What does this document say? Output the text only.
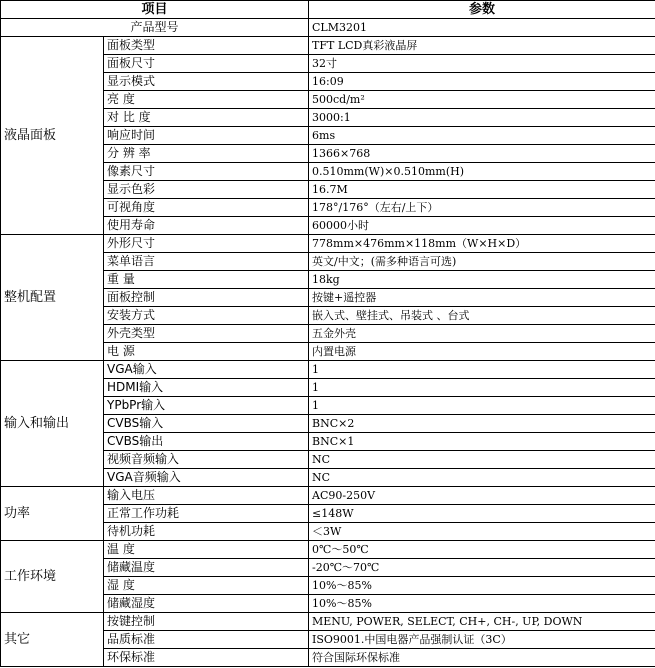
项目		参数
产品型号		CLM3201
液晶面板	面板类型	TFT LCD真彩液晶屏
	面板尺寸	32寸
	显示模式	16:09
	亮 度	500cd/m²
	对 比 度	3000:1
	响应时间	6ms
	分 辨 率	1366×768
	像素尺寸	0.510mm(W)×0.510mm(H)
	显示色彩	16.7M
	可视角度	178°/176°（左右/上下）
	使用寿命	60000小时
整机配置	外形尺寸	778mm×476mm×118mm（W×H×D）
	菜单语言	英文/中文；(需多种语言可选)
	重 量	18kg
	面板控制	按键+遥控器
	安装方式	嵌入式、壁挂式、吊装式 、台式
	外壳类型	五金外壳
	电 源	内置电源
输入和输出	VGA输入	1
	HDMI输入	1
	YPbPr输入	1
	CVBS输入	BNC×2
	CVBS输出	BNC×1
	视频音频输入	NC
	VGA音频输入	NC
功率	输入电压	AC90-250V
	正常工作功耗	≤148W
	待机功耗	＜3W
工作环境	温 度	0℃～50℃
	储藏温度	-20℃～70℃
	湿 度	10%～85%
	储藏湿度	10%～85%
其它	按键控制	MENU, POWER, SELECT, CH+, CH-, UP, DOWN
	品质标准	ISO9001.中国电器产品强制认证（3C）
	环保标准	符合国际环保标准
